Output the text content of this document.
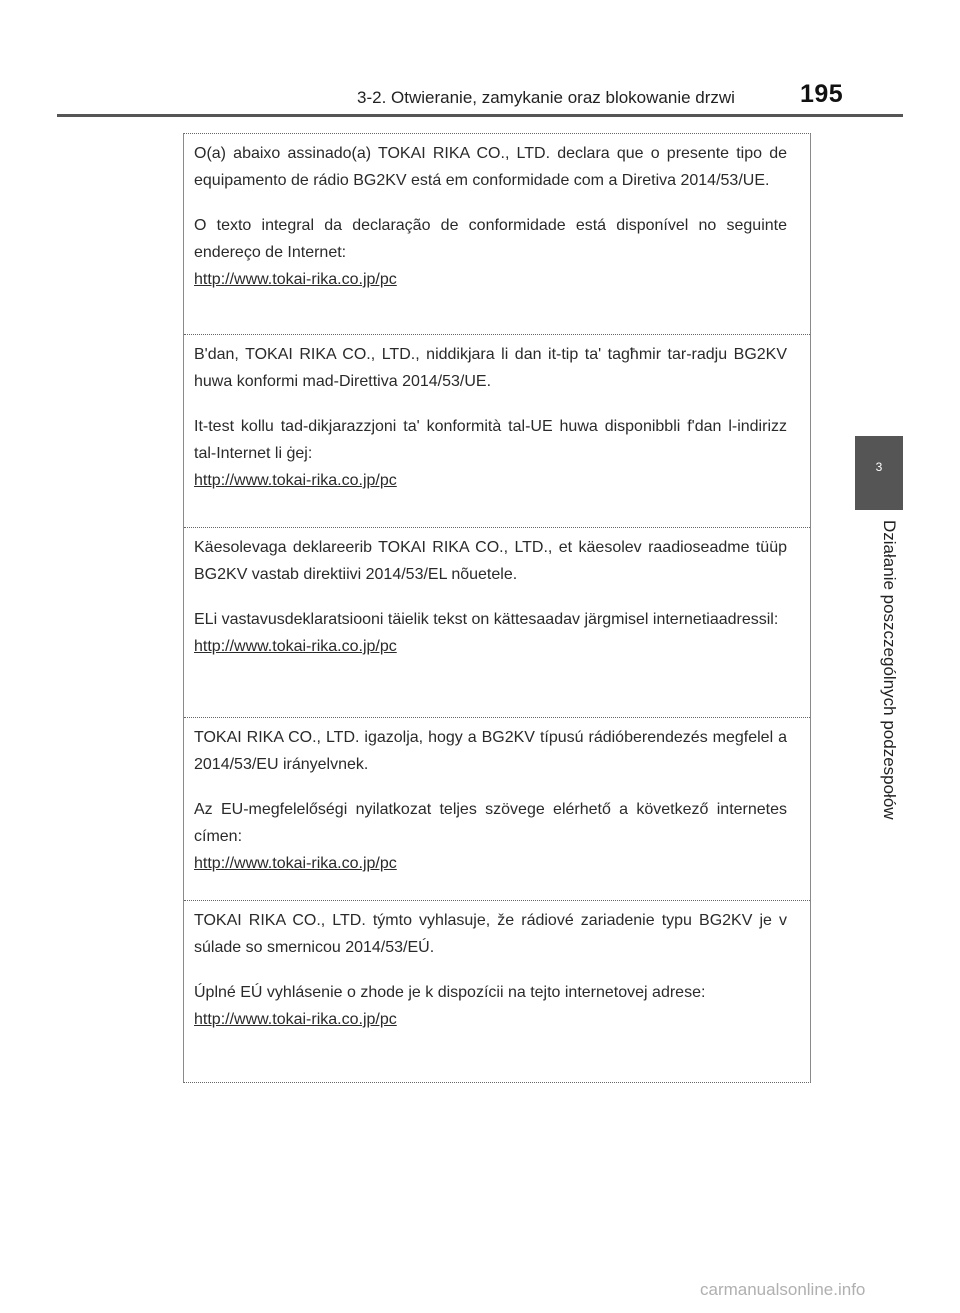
3-2. Otwieranie, zamykanie oraz blokowanie drzwi	195
3
Działanie poszczególnych podzespołów

O(a) abaixo assinado(a) TOKAI RIKA CO., LTD. declara que o presente tipo de equipamento de rádio BG2KV está em conformidade com a Diretiva 2014/53/UE.

O texto integral da declaração de conformidade está disponível no seguinte endereço de Internet:

http://www.tokai-rika.co.jp/pc

B'dan, TOKAI RIKA CO., LTD., niddikjara li dan it-tip ta' tagħmir tar-radju BG2KV huwa konformi mad-Direttiva 2014/53/UE.

It-test kollu tad-dikjarazzjoni ta' konformità tal-UE huwa disponibbli f'dan l-indirizz tal-Internet li ġej:

http://www.tokai-rika.co.jp/pc

Käesolevaga deklareerib TOKAI RIKA CO., LTD., et käesolev raadioseadme tüüp BG2KV vastab direktiivi 2014/53/EL nõuetele.

ELi vastavusdeklaratsiooni täielik tekst on kättesaadav järgmisel internetiaadressil:

http://www.tokai-rika.co.jp/pc

TOKAI RIKA CO., LTD. igazolja, hogy a BG2KV típusú rádióberendezés megfelel a 2014/53/EU irányelvnek.

Az EU-megfelelőségi nyilatkozat teljes szövege elérhető a következő internetes címen:

http://www.tokai-rika.co.jp/pc

TOKAI RIKA CO., LTD. týmto vyhlasuje, že rádiové zariadenie typu BG2KV je v súlade so smernicou 2014/53/EÚ.

Úplné EÚ vyhlásenie o zhode je k dispozícii na tejto internetovej adrese:

http://www.tokai-rika.co.jp/pc
carmanualsonline.info
